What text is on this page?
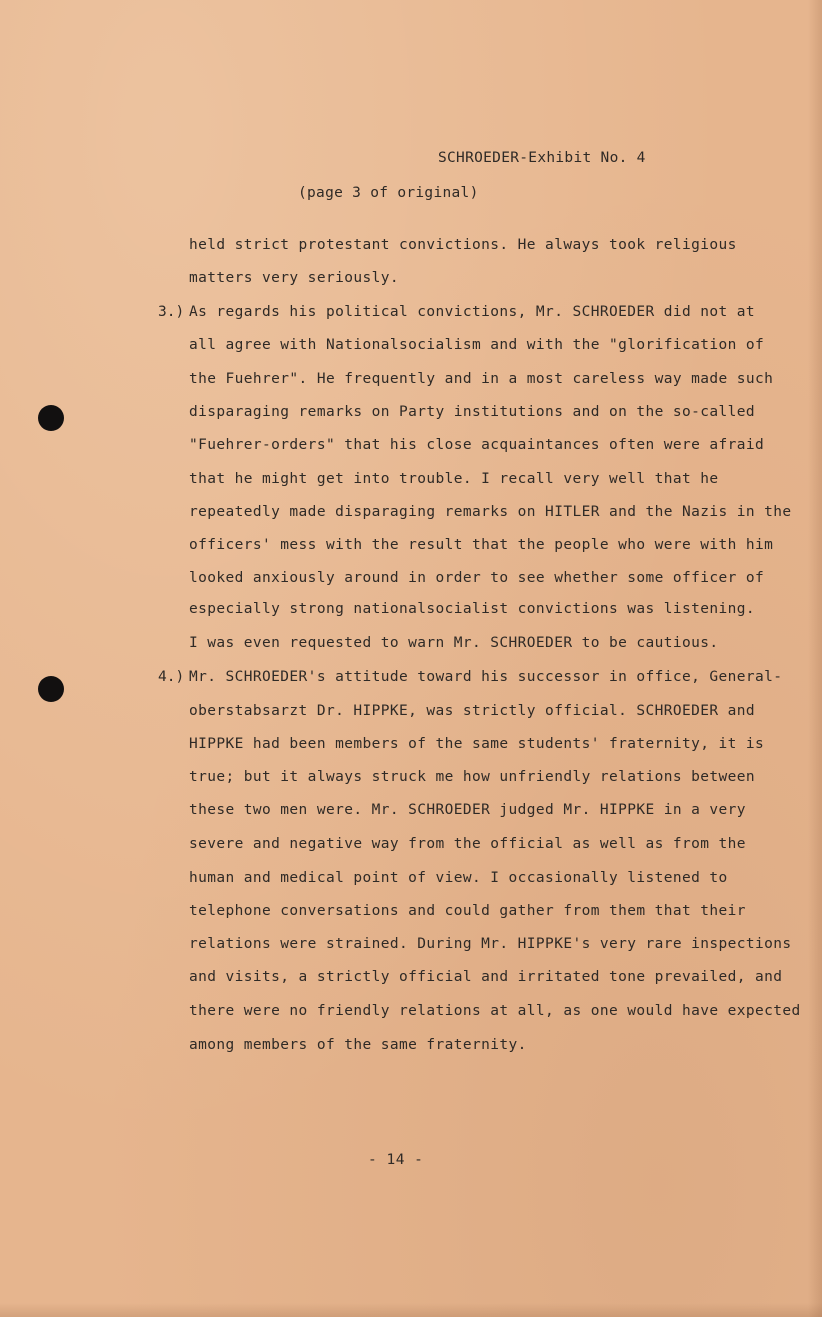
SCHROEDER-Exhibit No. 4
(page 3 of original)
held strict protestant convictions. He always took religious
matters very seriously.
3.) As regards his political convictions, Mr. SCHROEDER did not at
all agree with Nationalsocialism and with the "glorification of
the Fuehrer". He frequently and in a most careless way made such
disparaging remarks on Party institutions and on the so-called
"Fuehrer-orders" that his close acquaintances often were afraid
that he might get into trouble. I recall very well that he
repeatedly made disparaging remarks on HITLER and the Nazis in the
officers' mess with the result that the people who were with him
looked anxiously around in order to see whether some officer of
especially strong nationalsocialist convictions was listening.
I was even requested to warn Mr. SCHROEDER to be cautious.
4.) Mr. SCHROEDER's attitude toward his successor in office, General-
oberstabsarzt Dr. HIPPKE, was strictly official. SCHROEDER and
HIPPKE had been members of the same students' fraternity, it is
true; but it always struck me how unfriendly relations between
these two men were. Mr. SCHROEDER judged Mr. HIPPKE in a very
severe and negative way from the official as well as from the
human and medical point of view. I occasionally listened to
telephone conversations and could gather from them that their
relations were strained. During Mr. HIPPKE's very rare inspections
and visits, a strictly official and irritated tone prevailed, and
there were no friendly relations at all, as one would have expected
among members of the same fraternity.
- 14 -
